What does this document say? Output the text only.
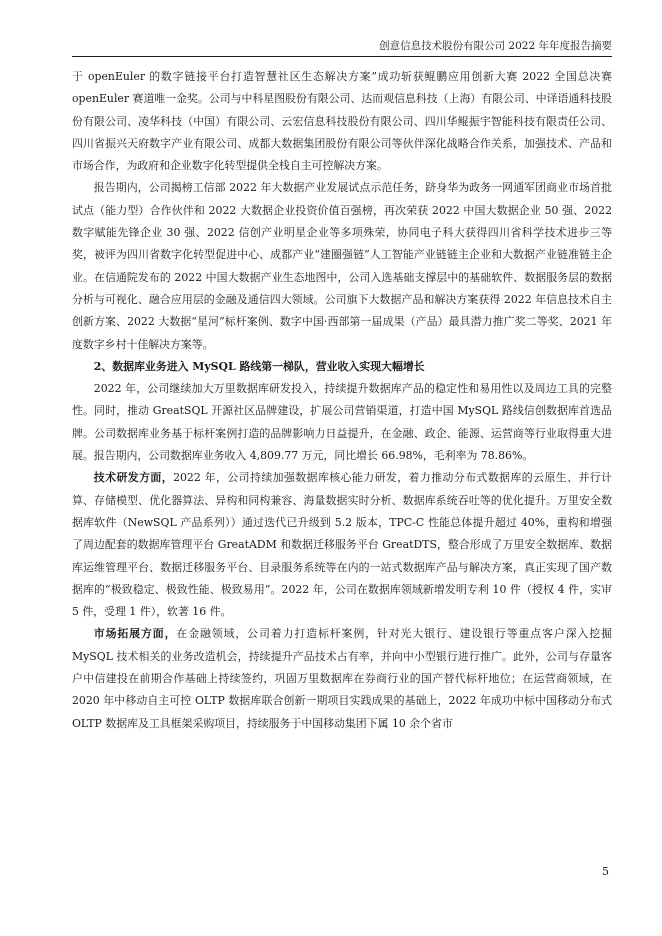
创意信息技术股份有限公司 2022 年年度报告摘要

于 openEuler 的数字链接平台打造智慧社区生态解决方案”成功斩获鲲鹏应用创新大赛 2022 全国总决赛 openEuler 赛道唯一金奖。公司与中科星图股份有限公司、达而观信息科技（上海）有限公司、中译语通科技股份有限公司、凌华科技（中国）有限公司、云宏信息科技股份有限公司、四川华鲲振宇智能科技有限责任公司、四川省振兴天府数字产业有限公司、成都大数据集团股份有限公司等伙伴深化战略合作关系，加强技术、产品和市场合作，为政府和企业数字化转型提供全栈自主可控解决方案。

报告期内，公司揭榜工信部 2022 年大数据产业发展试点示范任务，跻身华为政务一网通军团商业市场首批试点（能力型）合作伙伴和 2022 大数据企业投资价值百强榜，再次荣获 2022 中国大数据企业 50 强、2022 数字赋能先锋企业 30 强、2022 信创产业明星企业等多项殊荣，协同电子科大获得四川省科学技术进步三等奖，被评为四川省数字化转型促进中心、成都产业“建圈强链”人工智能产业链链主企业和大数据产业链准链主企业。在信通院发布的 2022 中国大数据产业生态地图中，公司入选基础支撑层中的基础软件、数据服务层的数据分析与可视化、融合应用层的金融及通信四大领域。公司旗下大数据产品和解决方案获得 2022 年信息技术自主创新方案、2022 大数据“星河”标杆案例、数字中国·西部第一届成果（产品）最具潜力推广奖二等奖、2021 年度数字乡村十佳解决方案等。

2、数据库业务进入 MySQL 路线第一梯队，营业收入实现大幅增长

2022 年，公司继续加大万里数据库研发投入，持续提升数据库产品的稳定性和易用性以及周边工具的完整性。同时，推动 GreatSQL 开源社区品牌建设，扩展公司营销渠道，打造中国 MySQL 路线信创数据库首选品牌。公司数据库业务基于标杆案例打造的品牌影响力日益提升，在金融、政企、能源、运营商等行业取得重大进展。报告期内，公司数据库业务收入 4,809.77 万元，同比增长 66.98%，毛利率为 78.86%。

技术研发方面，2022 年，公司持续加强数据库核心能力研发，着力推动分布式数据库的云原生、并行计算、存储模型、优化器算法、异构和同构兼容、海量数据实时分析、数据库系统吞吐等的优化提升。万里安全数据库软件（NewSQL 产品系列））通过迭代已升级到 5.2 版本，TPC-C 性能总体提升超过 40%，重构和增强了周边配套的数据库管理平台 GreatADM 和数据迁移服务平台 GreatDTS，整合形成了万里安全数据库、数据库运维管理平台、数据迁移服务平台、目录服务系统等在内的一站式数据库产品与解决方案，真正实现了国产数据库的“极致稳定、极致性能、极致易用”。2022 年，公司在数据库领域新增发明专利 10 件（授权 4 件，实审 5 件，受理 1 件），软著 16 件。

市场拓展方面，在金融领域，公司着力打造标杆案例，针对光大银行、建设银行等重点客户深入挖掘 MySQL 技术相关的业务改造机会，持续提升产品技术占有率，并向中小型银行进行推广。此外，公司与存量客户中信建投在前期合作基础上持续签约，巩固万里数据库在券商行业的国产替代标杆地位；在运营商领域，在 2020 年中移动自主可控 OLTP 数据库联合创新一期项目实践成果的基础上，2022 年成功中标中国移动分布式 OLTP 数据库及工具框架采购项目，持续服务于中国移动集团下属 10 余个省市

5
